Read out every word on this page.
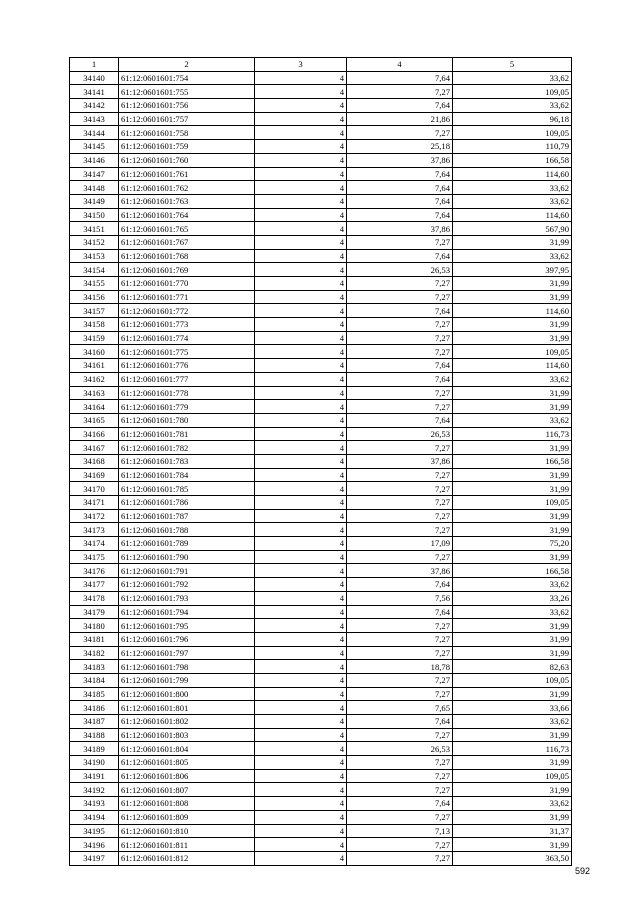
1	2	3	4	5
34140	61:12:0601601:754	4	7,64	33,62
34141	61:12:0601601:755	4	7,27	109,05
34142	61:12:0601601:756	4	7,64	33,62
34143	61:12:0601601:757	4	21,86	96,18
34144	61:12:0601601:758	4	7,27	109,05
34145	61:12:0601601:759	4	25,18	110,79
34146	61:12:0601601:760	4	37,86	166,58
34147	61:12:0601601:761	4	7,64	114,60
34148	61:12:0601601:762	4	7,64	33,62
34149	61:12:0601601:763	4	7,64	33,62
34150	61:12:0601601:764	4	7,64	114,60
34151	61:12:0601601:765	4	37,86	567,90
34152	61:12:0601601:767	4	7,27	31,99
34153	61:12:0601601:768	4	7,64	33,62
34154	61:12:0601601:769	4	26,53	397,95
34155	61:12:0601601:770	4	7,27	31,99
34156	61:12:0601601:771	4	7,27	31,99
34157	61:12:0601601:772	4	7,64	114,60
34158	61:12:0601601:773	4	7,27	31,99
34159	61:12:0601601:774	4	7,27	31,99
34160	61:12:0601601:775	4	7,27	109,05
34161	61:12:0601601:776	4	7,64	114,60
34162	61:12:0601601:777	4	7,64	33,62
34163	61:12:0601601:778	4	7,27	31,99
34164	61:12:0601601:779	4	7,27	31,99
34165	61:12:0601601:780	4	7,64	33,62
34166	61:12:0601601:781	4	26,53	116,73
34167	61:12:0601601:782	4	7,27	31,99
34168	61:12:0601601:783	4	37,86	166,58
34169	61:12:0601601:784	4	7,27	31,99
34170	61:12:0601601:785	4	7,27	31,99
34171	61:12:0601601:786	4	7,27	109,05
34172	61:12:0601601:787	4	7,27	31,99
34173	61:12:0601601:788	4	7,27	31,99
34174	61:12:0601601:789	4	17,09	75,20
34175	61:12:0601601:790	4	7,27	31,99
34176	61:12:0601601:791	4	37,86	166,58
34177	61:12:0601601:792	4	7,64	33,62
34178	61:12:0601601:793	4	7,56	33,26
34179	61:12:0601601:794	4	7,64	33,62
34180	61:12:0601601:795	4	7,27	31,99
34181	61:12:0601601:796	4	7,27	31,99
34182	61:12:0601601:797	4	7,27	31,99
34183	61:12:0601601:798	4	18,78	82,63
34184	61:12:0601601:799	4	7,27	109,05
34185	61:12:0601601:800	4	7,27	31,99
34186	61:12:0601601:801	4	7,65	33,66
34187	61:12:0601601:802	4	7,64	33,62
34188	61:12:0601601:803	4	7,27	31,99
34189	61:12:0601601:804	4	26,53	116,73
34190	61:12:0601601:805	4	7,27	31,99
34191	61:12:0601601:806	4	7,27	109,05
34192	61:12:0601601:807	4	7,27	31,99
34193	61:12:0601601:808	4	7,64	33,62
34194	61:12:0601601:809	4	7,27	31,99
34195	61:12:0601601:810	4	7,13	31,37
34196	61:12:0601601:811	4	7,27	31,99
34197	61:12:0601601:812	4	7,27	363,50
592
